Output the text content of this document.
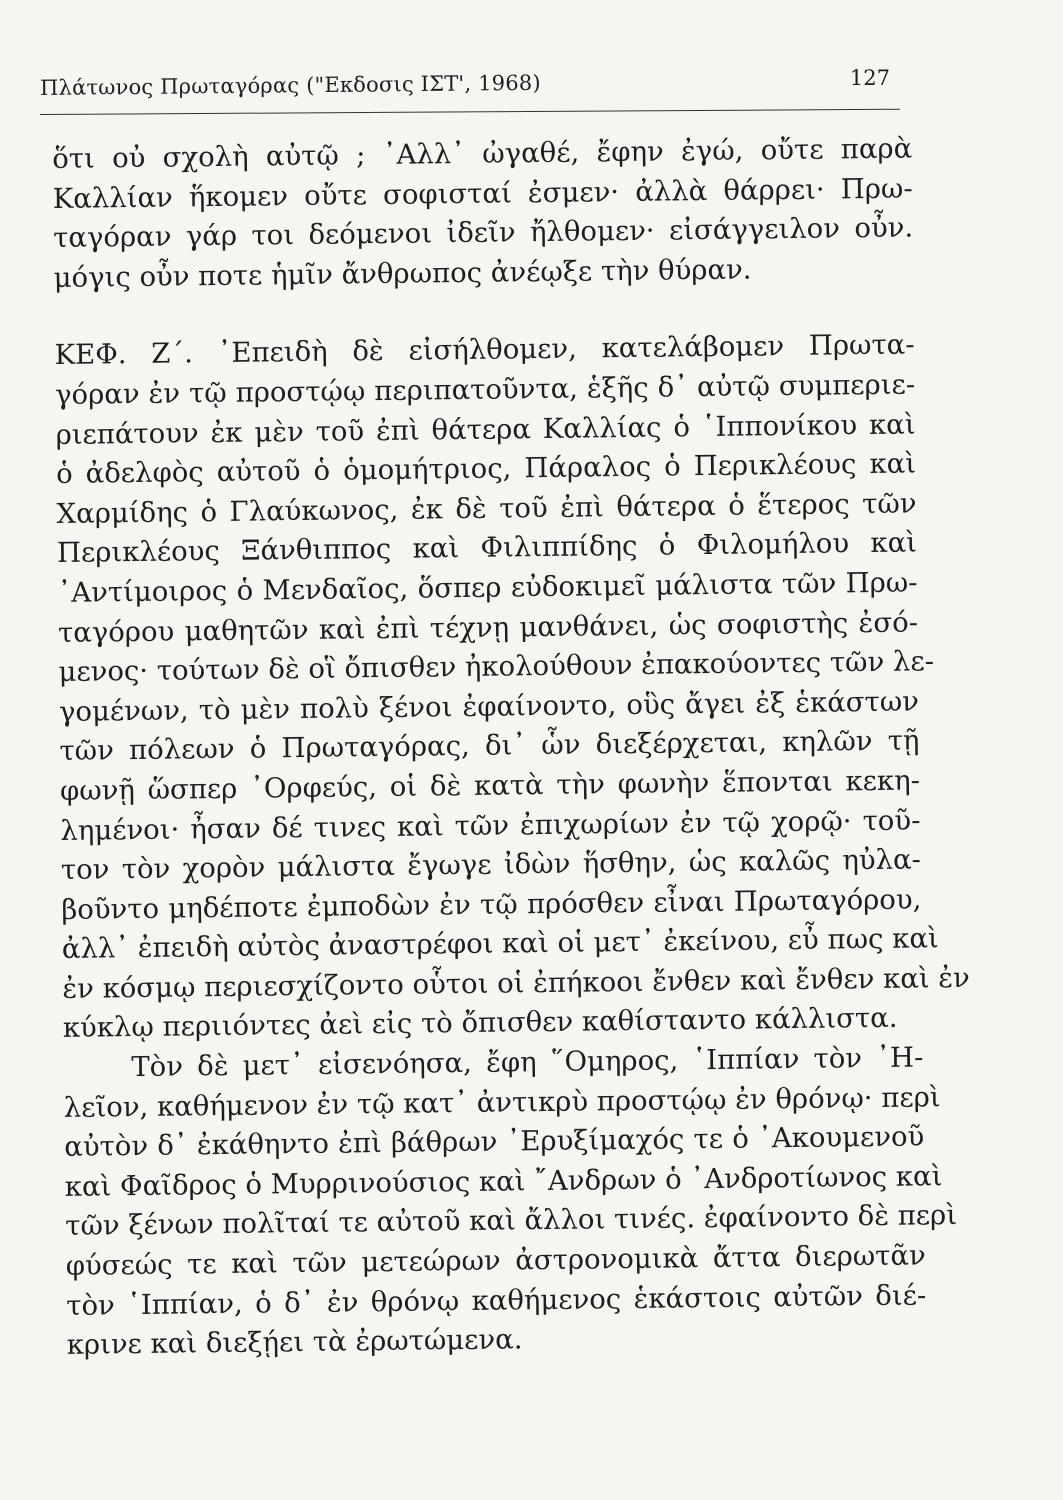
Πλάτωνος Πρωταγόρας ("Εκδοσις ΙΣΤ', 1968)	127
ὅτι οὐ σχολὴ αὐτῷ ; ᾿Αλλ᾿ ὠγαθέ, ἔφην ἐγώ, οὔτε παρὰ
Καλλίαν ἥκομεν οὔτε σοφισταί ἐσμεν· ἀλλὰ θάρρει· Πρω-
ταγόραν γάρ τοι δεόμενοι ἰδεῖν ἤλθομεν· εἰσάγγειλον οὖν.
μόγις οὖν ποτε ἡμῖν ἄνθρωπος ἀνέῳξε τὴν θύραν.
ΚΕΦ. Ζ΄. ᾿Επειδὴ δὲ εἰσήλθομεν, κατελάβομεν Πρωτα-
γόραν ἐν τῷ προστῴῳ περιπατοῦντα, ἑξῆς δ᾿ αὐτῷ συμπεριε-
ριεπάτουν ἐκ μὲν τοῦ ἐπὶ θάτερα Καλλίας ὁ ῾Ιππονίκου καὶ
ὁ ἀδελφὸς αὐτοῦ ὁ ὁμομήτριος, Πάραλος ὁ Περικλέους καὶ
Χαρμίδης ὁ Γλαύκωνος, ἐκ δὲ τοῦ ἐπὶ θάτερα ὁ ἕτερος τῶν
Περικλέους Ξάνθιππος καὶ Φιλιππίδης ὁ Φιλομήλου καὶ
᾿Αντίμοιρος ὁ Μενδαῖος, ὅσπερ εὐδοκιμεῖ μάλιστα τῶν Πρω-
ταγόρου μαθητῶν καὶ ἐπὶ τέχνῃ μανθάνει, ὡς σοφιστὴς ἐσό-
μενος· τούτων δὲ οἳ ὄπισθεν ἠκολούθουν ἐπακούοντες τῶν λε-
γομένων, τὸ μὲν πολὺ ξένοι ἐφαίνοντο, οὓς ἄγει ἐξ ἑκάστων
τῶν πόλεων ὁ Πρωταγόρας, δι᾿ ὧν διεξέρχεται, κηλῶν τῇ
φωνῇ ὥσπερ ᾿Ορφεύς, οἱ δὲ κατὰ τὴν φωνὴν ἕπονται κεκη-
λημένοι· ἦσαν δέ τινες καὶ τῶν ἐπιχωρίων ἐν τῷ χορῷ· τοῦ-
τον τὸν χορὸν μάλιστα ἔγωγε ἰδὼν ἥσθην, ὡς καλῶς ηὐλα-
βοῦντο μηδέποτε ἐμποδὼν ἐν τῷ πρόσθεν εἶναι Πρωταγόρου,
ἀλλ᾿ ἐπειδὴ αὐτὸς ἀναστρέφοι καὶ οἱ μετ᾿ ἐκείνου, εὖ πως καὶ
ἐν κόσμῳ περιεσχίζοντο οὗτοι οἱ ἐπήκοοι ἔνθεν καὶ ἔνθεν καὶ ἐν
κύκλῳ περιιόντες ἀεὶ εἰς τὸ ὄπισθεν καθίσταντο κάλλιστα.
Τὸν δὲ μετ᾿ εἰσενόησα, ἔφη ῞Ομηρος, ῾Ιππίαν τὸν ᾿Η-
λεῖον, καθήμενον ἐν τῷ κατ᾿ ἀντικρὺ προστῴῳ ἐν θρόνῳ· περὶ
αὐτὸν δ᾿ ἐκάθηντο ἐπὶ βάθρων ᾿Ερυξίμαχός τε ὁ ᾿Ακουμενοῦ
καὶ Φαῖδρος ὁ Μυρρινούσιος καὶ ῎Ανδρων ὁ ᾿Ανδροτίωνος καὶ
τῶν ξένων πολῖταί τε αὐτοῦ καὶ ἄλλοι τινές. ἐφαίνοντο δὲ περὶ
φύσεώς τε καὶ τῶν μετεώρων ἀστρονομικὰ ἄττα διερωτᾶν
τὸν ῾Ιππίαν, ὁ δ᾿ ἐν θρόνῳ καθήμενος ἑκάστοις αὐτῶν διέ-
κρινε καὶ διεξῄει τὰ ἐρωτώμενα.
